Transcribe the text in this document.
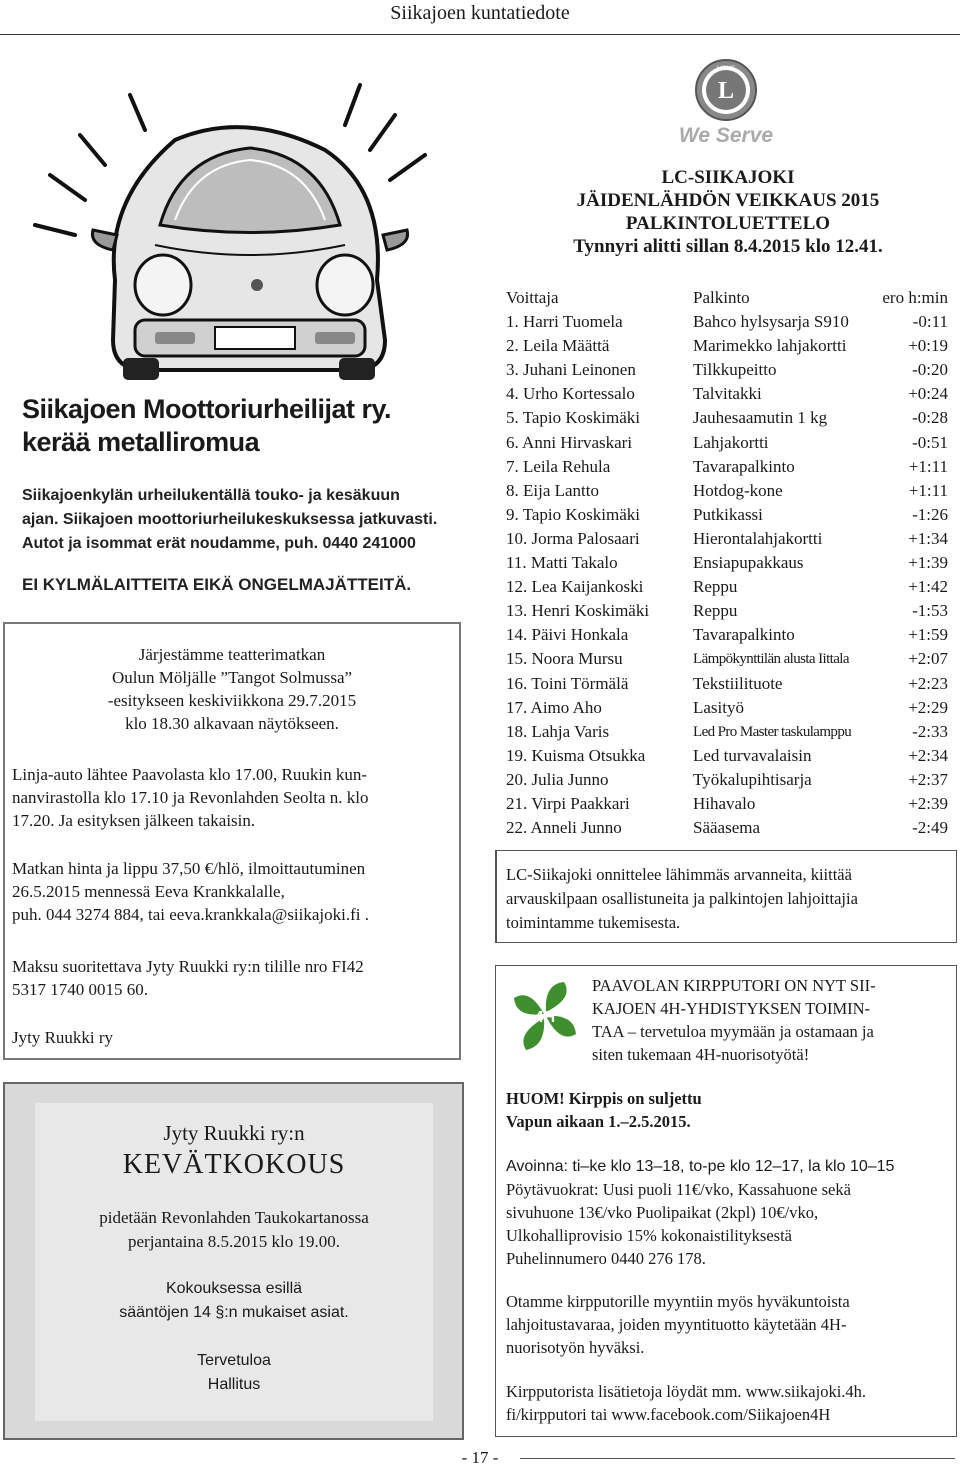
Siikajoen kuntatiedote
Siikajoen Moottoriurheilijat ry.
kerää metalliromua
Siikajoenkylän urheilukentällä touko- ja kesäkuun
ajan. Siikajoen moottoriurheilukeskuksessa jatkuvasti.
Autot ja isommat erät noudamme, puh. 0440 241000
EI KYLMÄLAITTEITA EIKÄ ONGELMAJÄTTEITÄ.
Järjestämme teatterimatkan
Oulun Möljälle ”Tangot Solmussa”
-esitykseen keskiviikkona 29.7.2015
klo 18.30 alkavaan näytökseen.
Linja-auto lähtee Paavolasta klo 17.00, Ruukin kun-
nanvirastolla klo 17.10 ja Revonlahden Seolta n. klo
17.20. Ja esityksen jälkeen takaisin.
Matkan hinta ja lippu 37,50 €/hlö, ilmoittautuminen
26.5.2015 mennessä Eeva Krankkalalle,
puh. 044 3274 884, tai eeva.krankkala@siikajoki.fi .
Maksu suoritettava Jyty Ruukki ry:n tilille nro FI42
5317 1740 0015 60.
Jyty Ruukki ry
Jyty Ruukki ry:n
KEVÄTKOKOUS
pidetään Revonlahden Taukokartanossa
perjantaina 8.5.2015 klo 19.00.
Kokouksessa esillä
sääntöjen 14 §:n mukaiset asiat.
Tervetuloa
Hallitus
L
LIONS
We Serve
LC-SIIKAJOKI
JÄIDENLÄHDÖN VEIKKAUS 2015
PALKINTOLUETTELO
Tynnyri alitti sillan 8.4.2015 klo 12.41.
Voittaja	Palkinto	ero h:min
1. Harri Tuomela	Bahco hylsysarja S910	-0:11
2. Leila Määttä	Marimekko lahjakortti	+0:19
3. Juhani Leinonen	Tilkkupeitto	-0:20
4. Urho Kortessalo	Talvitakki	+0:24
5. Tapio Koskimäki	Jauhesaamutin 1 kg	-0:28
6. Anni Hirvaskari	Lahjakortti	-0:51
7. Leila Rehula	Tavarapalkinto	+1:11
8. Eija Lantto	Hotdog-kone	+1:11
9. Tapio Koskimäki	Putkikassi	-1:26
10. Jorma Palosaari	Hierontalahjakortti	+1:34
11. Matti Takalo	Ensiapupakkaus	+1:39
12. Lea Kaijankoski	Reppu	+1:42
13. Henri Koskimäki	Reppu	-1:53
14. Päivi Honkala	Tavarapalkinto	+1:59
15. Noora Mursu	Lämpökynttilän alusta Iittala	+2:07
16. Toini Törmälä	Tekstiilituote	+2:23
17. Aimo Aho	Lasityö	+2:29
18. Lahja Varis	Led Pro Master taskulamppu	-2:33
19. Kuisma Otsukka	Led turvavalaisin	+2:34
20. Julia Junno	Työkalupihtisarja	+2:37
21. Virpi Paakkari	Hihavalo	+2:39
22. Anneli Junno	Sääasema	-2:49
LC-Siikajoki onnittelee lähimmäs arvanneita, kiittää
arvauskilpaan osallistuneita ja palkintojen lahjoittajia
toimintamme tukemisesta.
4H
PAAVOLAN KIRPPUTORI ON NYT SII-
KAJOEN 4H-YHDISTYKSEN TOIMIN-
TAA – tervetuloa myymään ja ostamaan ja
siten tukemaan 4H-nuorisotyötä!
HUOM! Kirppis on suljettu
Vapun aikaan 1.–2.5.2015.
Avoinna: ti–ke klo 13–18, to-pe klo 12–17, la klo 10–15
Pöytävuokrat: Uusi puoli 11€/vko, Kassahuone sekä
sivuhuone 13€/vko Puolipaikat (2kpl) 10€/vko,
Ulkohalliprovisio 15% kokonaistilityksestä
Puhelinnumero 0440 276 178.
Otamme kirpputorille myyntiin myös hyväkuntoista
lahjoitustavaraa, joiden myyntituotto käytetään 4H-
nuorisotyön hyväksi.
Kirpputorista lisätietoja löydät mm. www.siikajoki.4h.
fi/kirpputori tai www.facebook.com/Siikajoen4H
- 17 -
